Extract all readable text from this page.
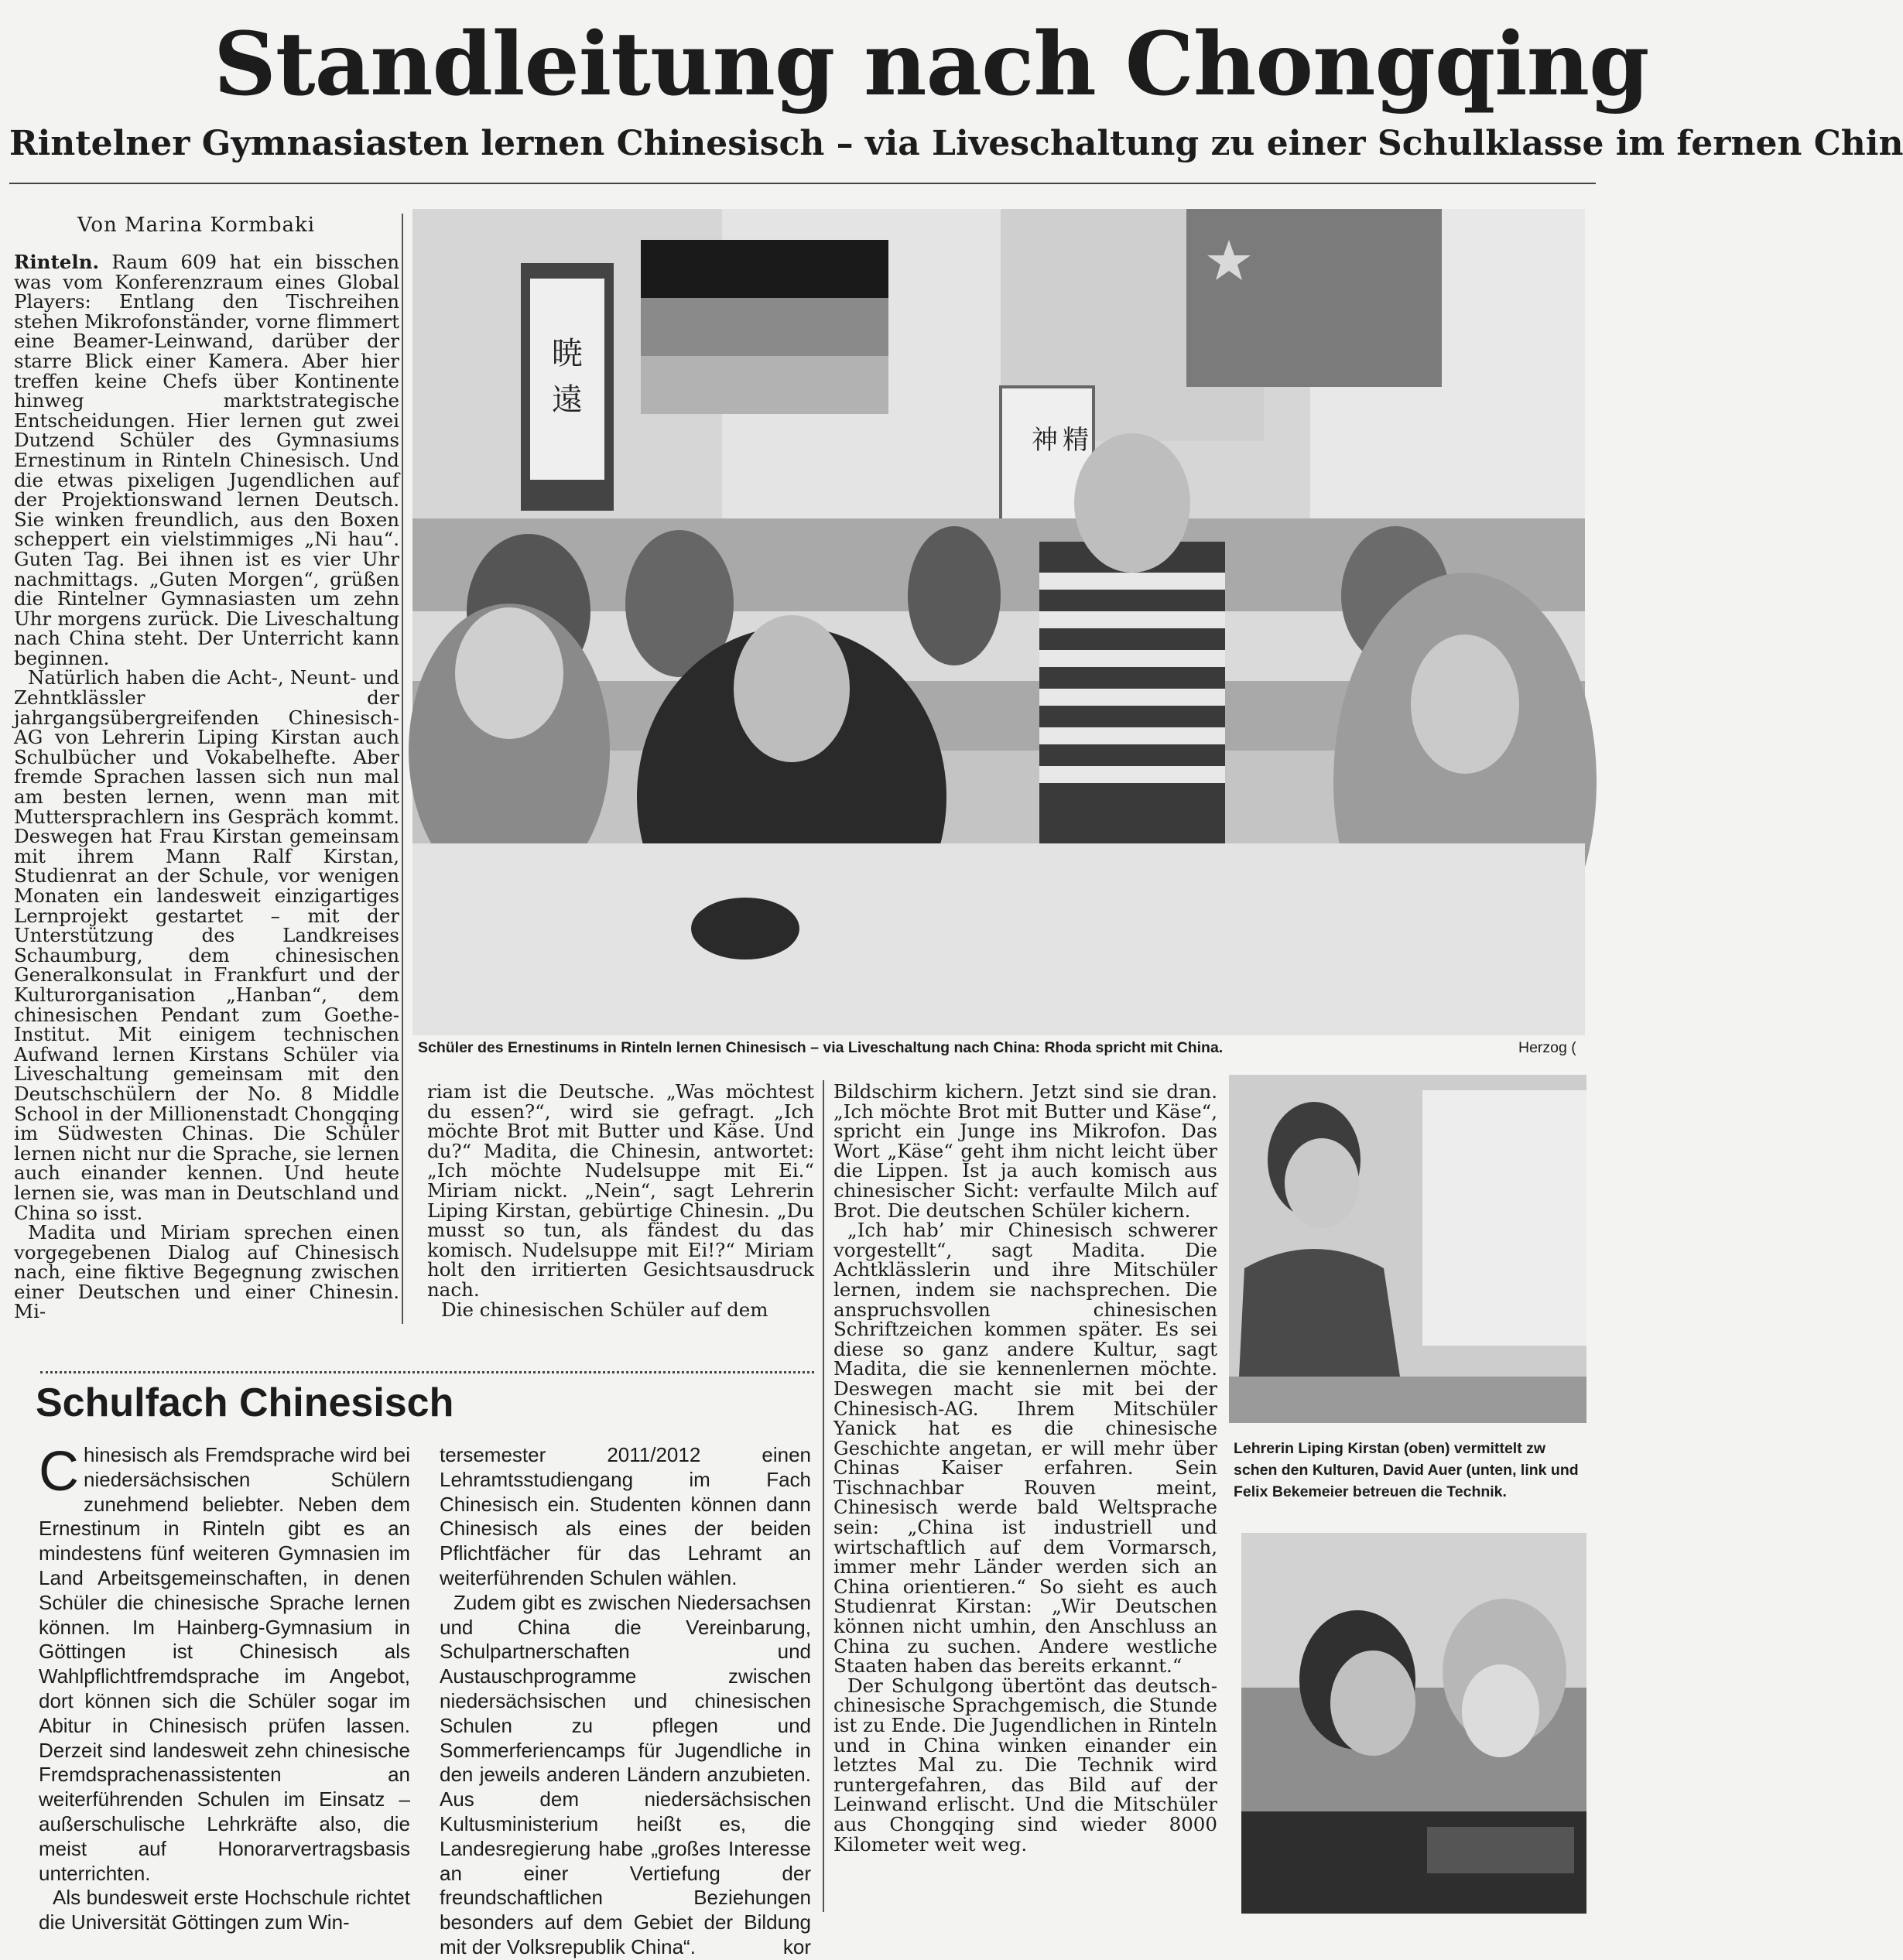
Standleitung nach Chongqing
Rintelner Gymnasiasten lernen Chinesisch – via Liveschaltung zu einer Schulklasse im fernen Chin
Von Marina Kormbaki

Rinteln. Raum 609 hat ein bisschen was vom Konferenzraum eines Global Players: Entlang den Tischreihen stehen Mikrofonständer, vorne flimmert eine Beamer-Leinwand, darüber der starre Blick einer Kamera. Aber hier treffen keine Chefs über Kontinente hinweg marktstrategische Entscheidungen. Hier lernen gut zwei Dutzend Schüler des Gymnasiums Ernestinum in Rinteln Chinesisch. Und die etwas pixeligen Jugendlichen auf der Projektionswand lernen Deutsch. Sie winken freundlich, aus den Boxen scheppert ein vielstimmiges „Ni hau“. Guten Tag. Bei ihnen ist es vier Uhr nachmittags. „Guten Morgen“, grüßen die Rintelner Gymnasiasten um zehn Uhr morgens zurück. Die Liveschaltung nach China steht. Der Unterricht kann beginnen.

Natürlich haben die Acht-, Neunt- und Zehntklässler der jahrgangsübergreifenden Chinesisch-AG von Lehrerin Liping Kirstan auch Schulbücher und Vokabelhefte. Aber fremde Sprachen lassen sich nun mal am besten lernen, wenn man mit Muttersprachlern ins Gespräch kommt. Deswegen hat Frau Kirstan gemeinsam mit ihrem Mann Ralf Kirstan, Studienrat an der Schule, vor wenigen Monaten ein landesweit einzigartiges Lernprojekt gestartet – mit der Unterstützung des Landkreises Schaumburg, dem chinesischen Generalkonsulat in Frankfurt und der Kulturorganisation „Hanban“, dem chinesischen Pendant zum Goethe-Institut. Mit einigem technischen Aufwand lernen Kirstans Schüler via Liveschaltung gemeinsam mit den Deutschschülern der No. 8 Middle School in der Millionenstadt Chongqing im Südwesten Chinas. Die Schüler lernen nicht nur die Sprache, sie lernen auch einander kennen. Und heute lernen sie, was man in Deutschland und China so isst.

Madita und Miriam sprechen einen vorgegebenen Dialog auf Chinesisch nach, eine fiktive Begegnung zwischen einer Deutschen und einer Chinesin. Mi-

暁
遠
神 精
Schüler des Ernestinums in Rinteln lernen Chinesisch – via Liveschaltung nach China: Rhoda spricht mit China.	Herzog (

riam ist die Deutsche. „Was möchtest du essen?“, wird sie gefragt. „Ich möchte Brot mit Butter und Käse. Und du?“ Madita, die Chinesin, antwortet: „Ich möchte Nudelsuppe mit Ei.“ Miriam nickt. „Nein“, sagt Lehrerin Liping Kirstan, gebürtige Chinesin. „Du musst so tun, als fändest du das komisch. Nudelsuppe mit Ei!?“ Miriam holt den irritierten Gesichtsausdruck nach.

Die chinesischen Schüler auf dem

Bildschirm kichern. Jetzt sind sie dran. „Ich möchte Brot mit Butter und Käse“, spricht ein Junge ins Mikrofon. Das Wort „Käse“ geht ihm nicht leicht über die Lippen. Ist ja auch komisch aus chinesischer Sicht: verfaulte Milch auf Brot. Die deutschen Schüler kichern.

„Ich hab’ mir Chinesisch schwerer vorgestellt“, sagt Madita. Die Achtklässlerin und ihre Mitschüler lernen, indem sie nachsprechen. Die anspruchsvollen chinesischen Schriftzeichen kommen später. Es sei diese so ganz andere Kultur, sagt Madita, die sie kennenlernen möchte. Deswegen macht sie mit bei der Chinesisch-AG. Ihrem Mitschüler Yanick hat es die chinesische Geschichte angetan, er will mehr über Chinas Kaiser erfahren. Sein Tischnachbar Rouven meint, Chinesisch werde bald Weltsprache sein: „China ist industriell und wirtschaftlich auf dem Vormarsch, immer mehr Länder werden sich an China orientieren.“ So sieht es auch Studienrat Kirstan: „Wir Deutschen können nicht umhin, den Anschluss an China zu suchen. Andere westliche Staaten haben das bereits erkannt.“

Der Schulgong übertönt das deutsch-chinesische Sprachgemisch, die Stunde ist zu Ende. Die Jugendlichen in Rinteln und in China winken einander ein letztes Mal zu. Die Technik wird runtergefahren, das Bild auf der Leinwand erlischt. Und die Mitschüler aus Chongqing sind wieder 8000 Kilometer weit weg.

Lehrerin Liping Kirstan (oben) vermittelt zw schen den Kulturen, David Auer (unten, link und Felix Bekemeier betreuen die Technik.
Schulfach Chinesisch

Chinesisch als Fremdsprache wird bei niedersächsischen Schülern zunehmend beliebter. Neben dem Ernestinum in Rinteln gibt es an mindestens fünf weiteren Gymnasien im Land Arbeitsgemeinschaften, in denen Schüler die chinesische Sprache lernen können. Im Hainberg-Gymnasium in Göttingen ist Chinesisch als Wahlpflichtfremdsprache im Angebot, dort können sich die Schüler sogar im Abitur in Chinesisch prüfen lassen. Derzeit sind landesweit zehn chinesische Fremdsprachenassistenten an weiterführenden Schulen im Einsatz – außerschulische Lehrkräfte also, die meist auf Honorarvertragsbasis unterrichten.

Als bundesweit erste Hochschule richtet die Universität Göttingen zum Win-

tersemester 2011/2012 einen Lehramtsstudiengang im Fach Chinesisch ein. Studenten können dann Chinesisch als eines der beiden Pflichtfächer für das Lehramt an weiterführenden Schulen wählen.

Zudem gibt es zwischen Niedersachsen und China die Vereinbarung, Schulpartnerschaften und Austauschprogramme zwischen niedersächsischen und chinesischen Schulen zu pflegen und Sommerferiencamps für Jugendliche in den jeweils anderen Ländern anzubieten. Aus dem niedersächsischen Kultusministerium heißt es, die Landesregierung habe „großes Interesse an einer Vertiefung der freundschaftlichen Beziehungen besonders auf dem Gebiet der Bildung mit der Volksrepublik China“.	kor
